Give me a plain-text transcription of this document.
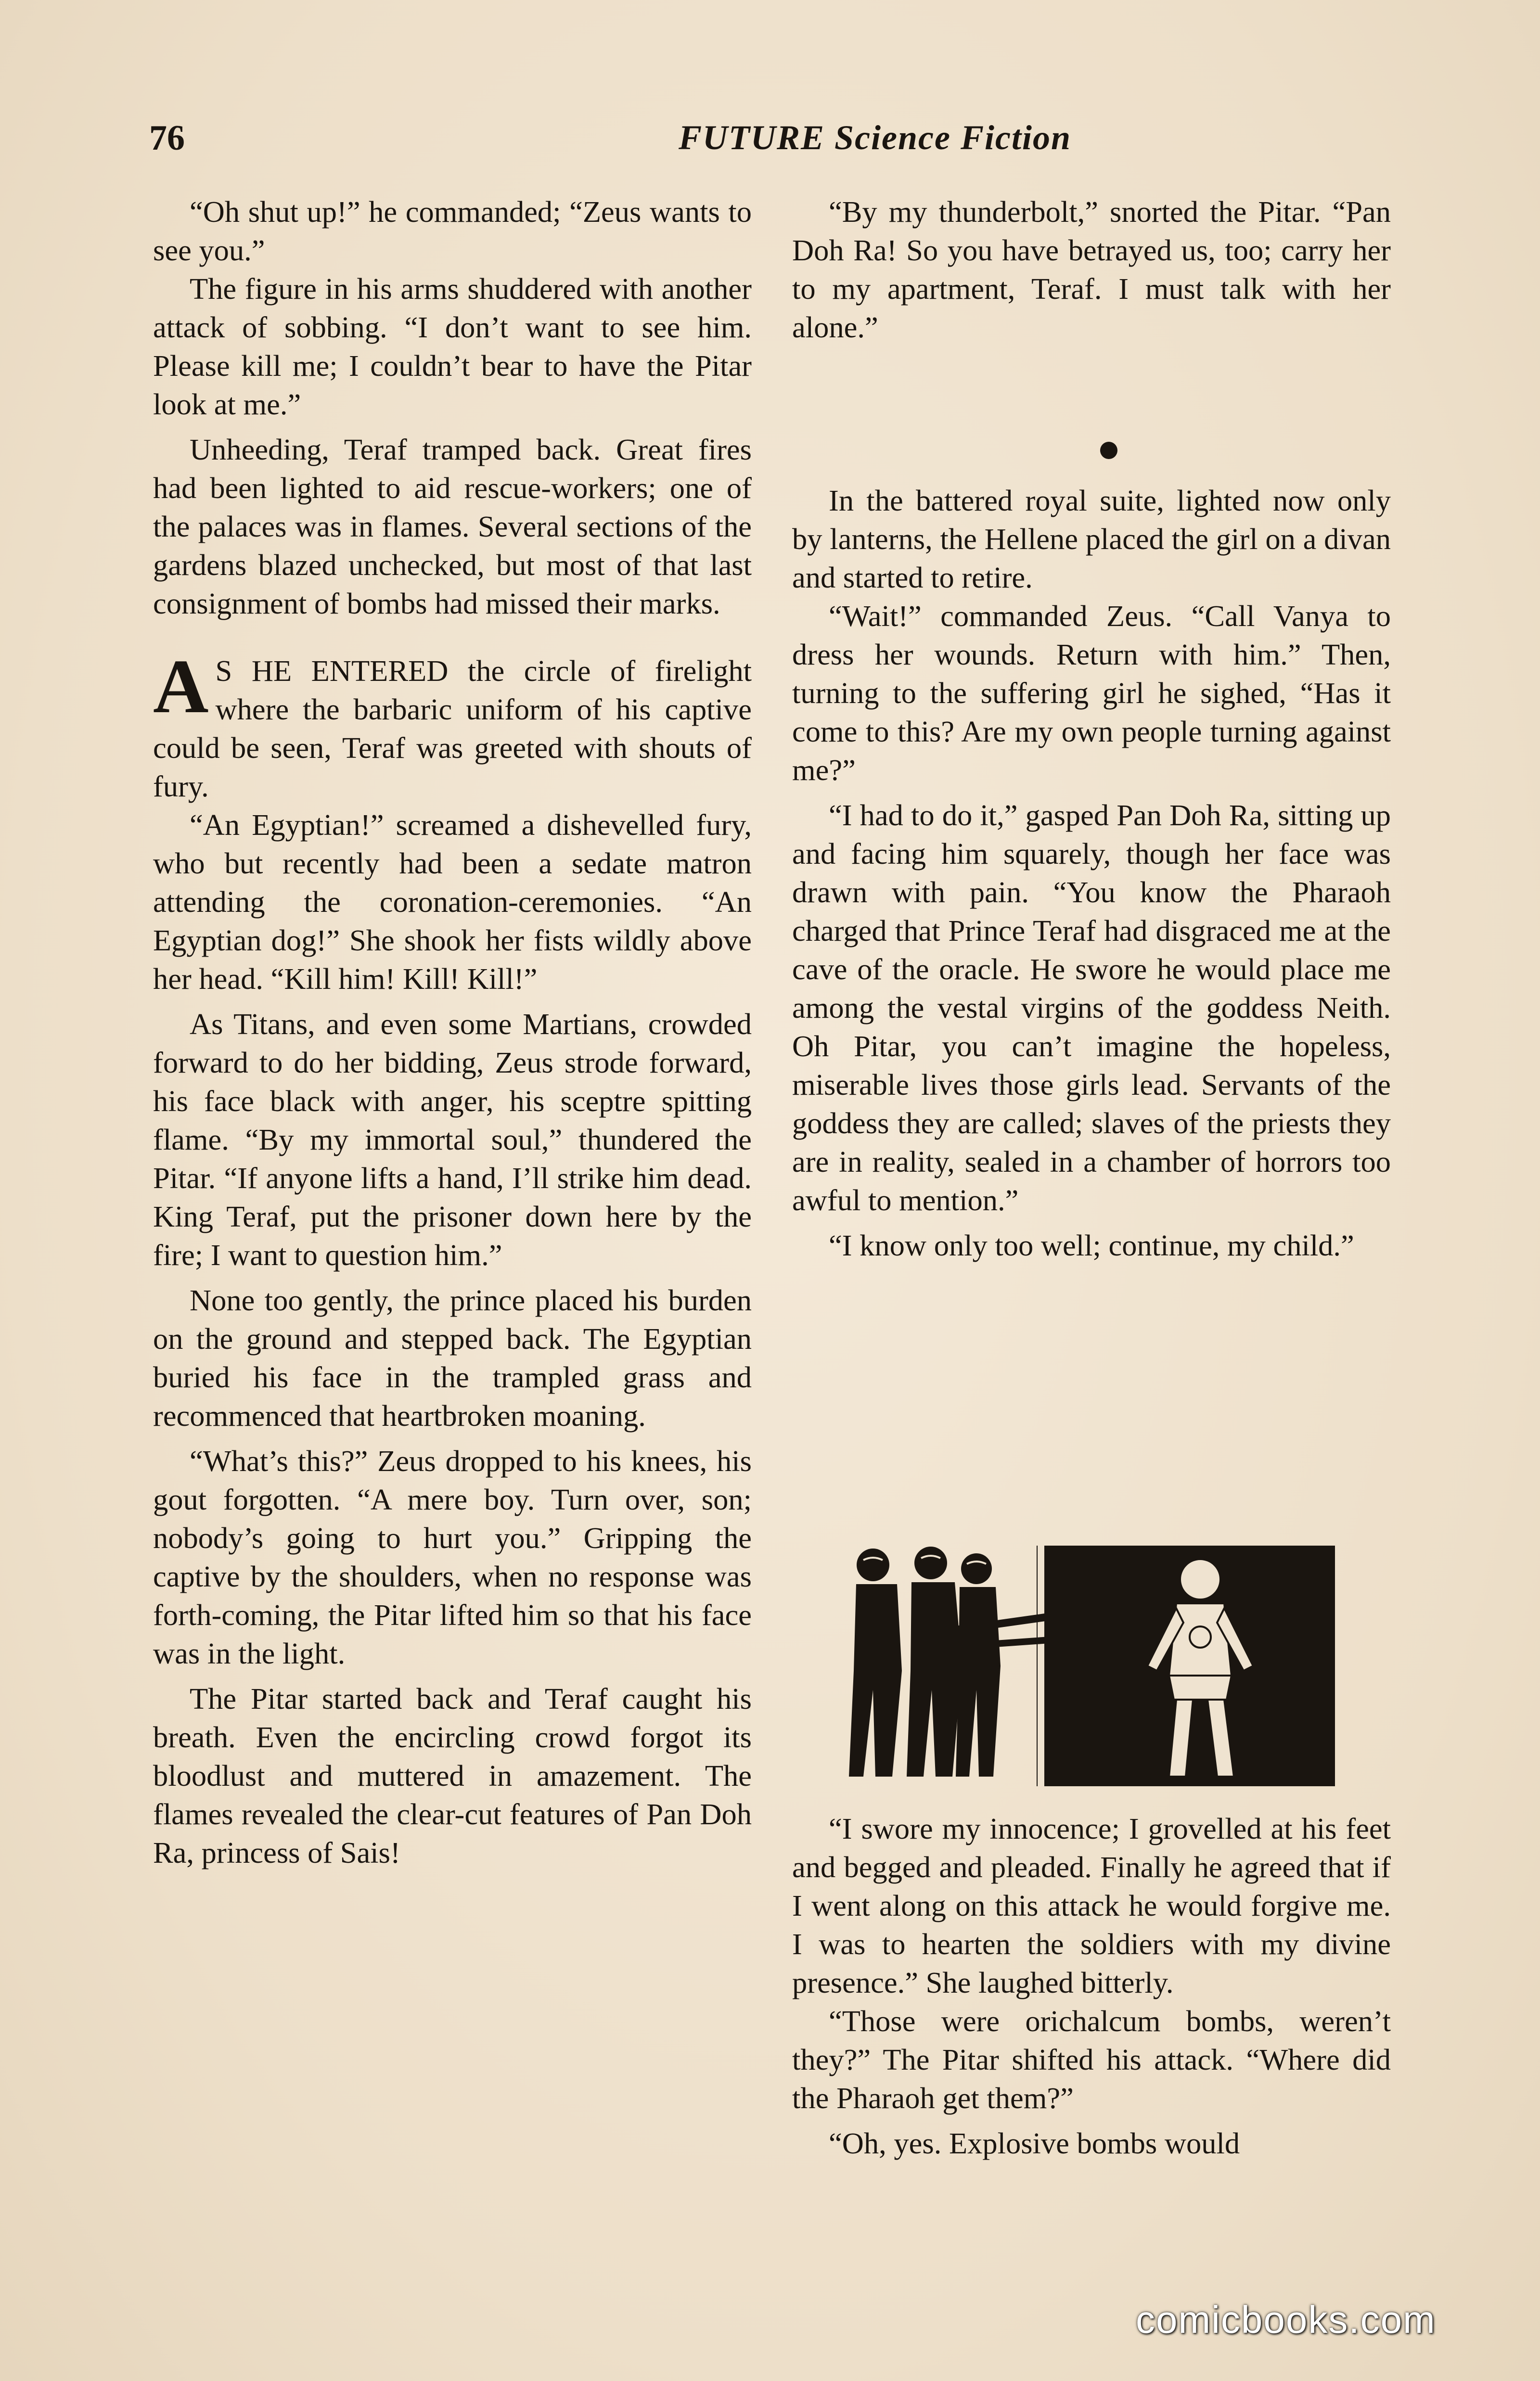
76	FUTURE Science Fiction

“Oh shut up!” he commanded; “Zeus wants to see you.”

The figure in his arms shuddered with another attack of sobbing. “I don’t want to see him. Please kill me; I couldn’t bear to have the Pitar look at me.”

Unheeding, Teraf tramped back. Great fires had been lighted to aid rescue-workers; one of the palaces was in flames. Several sections of the gardens blazed unchecked, but most of that last consignment of bombs had missed their marks.

A S HE ENTERED the circle of firelight where the barbaric uniform of his captive could be seen, Teraf was greeted with shouts of fury.

“An Egyptian!” screamed a dishevelled fury, who but recently had been a sedate matron attending the coronation-ceremonies. “An Egyptian dog!” She shook her fists wildly above her head. “Kill him! Kill! Kill!”

As Titans, and even some Martians, crowded forward to do her bidding, Zeus strode forward, his face black with anger, his sceptre spitting flame. “By my immortal soul,” thundered the Pitar. “If anyone lifts a hand, I’ll strike him dead. King Teraf, put the prisoner down here by the fire; I want to question him.”

None too gently, the prince placed his burden on the ground and stepped back. The Egyptian buried his face in the trampled grass and recommenced that heartbroken moaning.

“What’s this?” Zeus dropped to his knees, his gout forgotten. “A mere boy. Turn over, son; nobody’s going to hurt you.” Gripping the captive by the shoulders, when no response was forth-coming, the Pitar lifted him so that his face was in the light.

The Pitar started back and Teraf caught his breath. Even the encircling crowd forgot its bloodlust and muttered in amazement. The flames revealed the clear-cut features of Pan Doh Ra, princess of Sais!

“By my thunderbolt,” snorted the Pitar. “Pan Doh Ra! So you have betrayed us, too; carry her to my apartment, Teraf. I must talk with her alone.”

In the battered royal suite, lighted now only by lanterns, the Hellene placed the girl on a divan and started to retire.

“Wait!” commanded Zeus. “Call Vanya to dress her wounds. Return with him.” Then, turning to the suffering girl he sighed, “Has it come to this? Are my own people turning against me?”

“I had to do it,” gasped Pan Doh Ra, sitting up and facing him squarely, though her face was drawn with pain. “You know the Pharaoh charged that Prince Teraf had disgraced me at the cave of the oracle. He swore he would place me among the vestal virgins of the goddess Neith. Oh Pitar, you can’t imagine the hopeless, miserable lives those girls lead. Servants of the goddess they are called; slaves of the priests they are in reality, sealed in a chamber of horrors too awful to mention.”

“I know only too well; continue, my child.”

“I swore my innocence; I grovelled at his feet and begged and pleaded. Finally he agreed that if I went along on this attack he would forgive me. I was to hearten the soldiers with my divine presence.” She laughed bitterly.

“Those were orichalcum bombs, weren’t they?” The Pitar shifted his attack. “Where did the Pharaoh get them?”

“Oh, yes. Explosive bombs would

comicbooks.com
